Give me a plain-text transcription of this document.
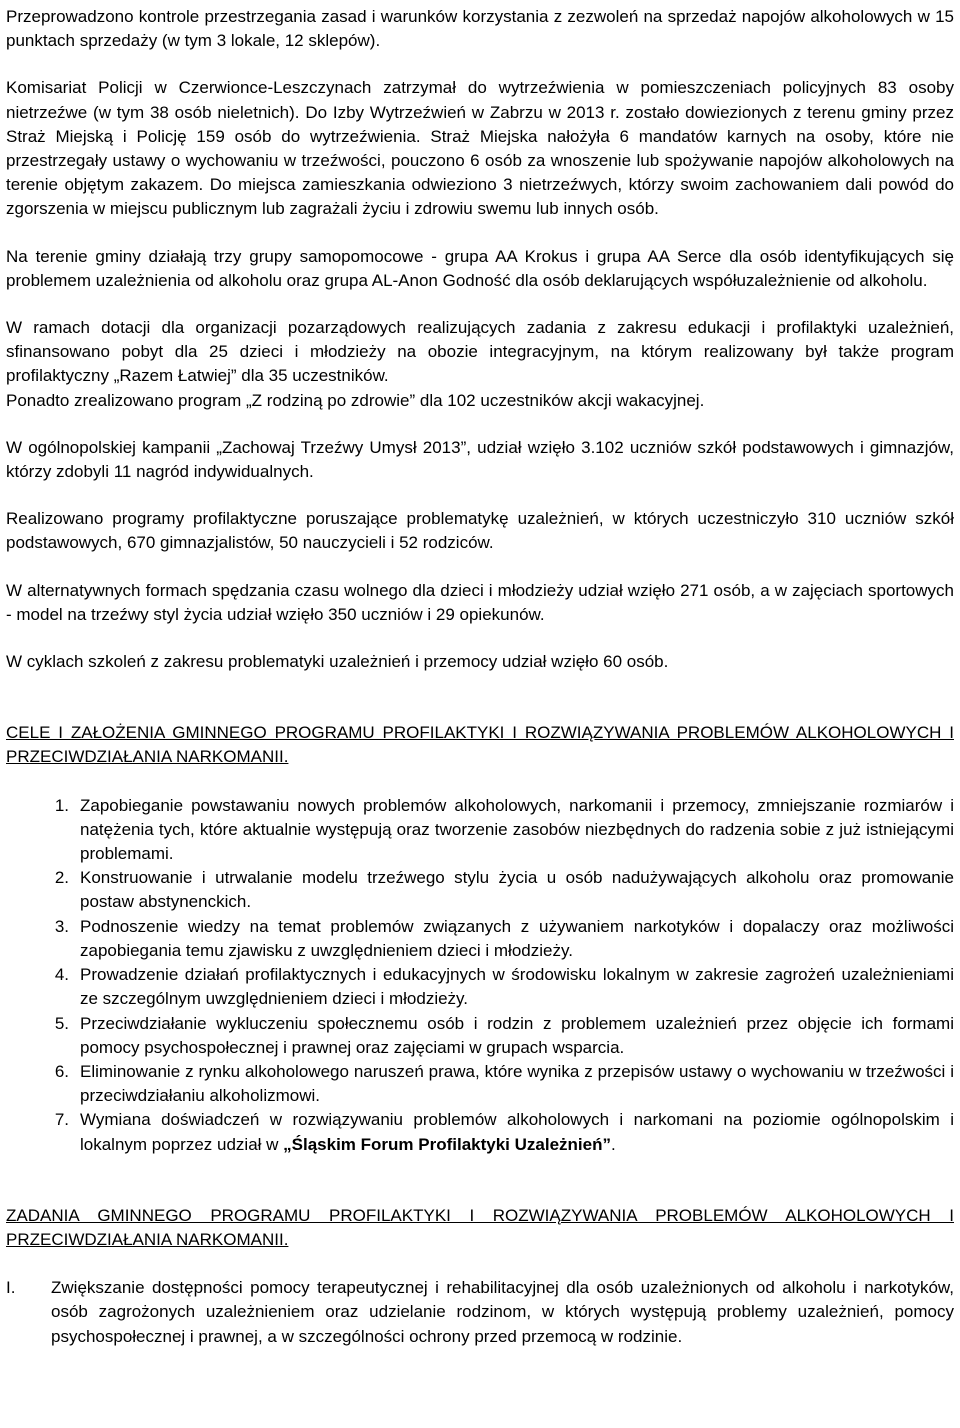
Przeprowadzono kontrole przestrzegania zasad i warunków korzystania z zezwoleń na sprzedaż napojów alkoholowych w 15 punktach sprzedaży (w tym 3 lokale, 12 sklepów).

Komisariat Policji w Czerwionce-Leszczynach zatrzymał do wytrzeźwienia w pomieszczeniach policyjnych 83 osoby nietrzeźwe (w tym 38 osób nieletnich). Do Izby Wytrzeźwień w Zabrzu w 2013 r. zostało dowiezionych z terenu gminy przez Straż Miejską i Policję 159 osób do wytrzeźwienia. Straż Miejska nałożyła 6 mandatów karnych na osoby, które nie przestrzegały ustawy o wychowaniu w trzeźwości, pouczono 6 osób za wnoszenie lub spożywanie napojów alkoholowych na terenie objętym zakazem. Do miejsca zamieszkania odwieziono 3 nietrzeźwych, którzy swoim zachowaniem dali powód do zgorszenia w miejscu publicznym lub zagrażali życiu i zdrowiu swemu lub innych osób.

Na terenie gminy działają trzy grupy samopomocowe - grupa AA Krokus i grupa AA Serce dla osób identyfikujących się problemem uzależnienia od alkoholu oraz grupa AL-Anon Godność dla osób deklarujących współuzależnienie od alkoholu.

W ramach dotacji dla organizacji pozarządowych realizujących zadania z zakresu edukacji i profilaktyki uzależnień, sfinansowano pobyt dla 25 dzieci i młodzieży na obozie integracyjnym, na którym realizowany był także program profilaktyczny „Razem Łatwiej” dla 35 uczestników.

Ponadto zrealizowano program „Z rodziną po zdrowie” dla 102 uczestników akcji wakacyjnej.

W ogólnopolskiej kampanii „Zachowaj Trzeźwy Umysł 2013”, udział wzięło 3.102 uczniów szkół podstawowych i gimnazjów, którzy zdobyli 11 nagród indywidualnych.

Realizowano programy profilaktyczne poruszające problematykę uzależnień, w których uczestniczyło 310 uczniów szkół podstawowych, 670 gimnazjalistów, 50 nauczycieli i 52 rodziców.

W alternatywnych formach spędzania czasu wolnego dla dzieci i młodzieży udział wzięło 271 osób, a w zajęciach sportowych - model na trzeźwy styl życia udział wzięło 350 uczniów i 29 opiekunów.

W cyklach szkoleń z zakresu problematyki uzależnień i przemocy udział wzięło 60 osób.

CELE I ZAŁOŻENIA GMINNEGO PROGRAMU PROFILAKTYKI I ROZWIĄZYWANIA PROBLEMÓW ALKOHOLOWYCH I PRZECIWDZIAŁANIA NARKOMANII.

1. Zapobieganie powstawaniu nowych problemów alkoholowych, narkomanii i przemocy, zmniejszanie rozmiarów i natężenia tych, które aktualnie występują oraz tworzenie zasobów niezbędnych do radzenia sobie z już istniejącymi problemami.
2. Konstruowanie i utrwalanie modelu trzeźwego stylu życia u osób nadużywających alkoholu oraz promowanie postaw abstynenckich.
3. Podnoszenie wiedzy na temat problemów związanych z używaniem narkotyków i dopalaczy oraz możliwości zapobiegania temu zjawisku z uwzględnieniem dzieci i młodzieży.
4. Prowadzenie działań profilaktycznych i edukacyjnych w środowisku lokalnym w zakresie zagrożeń uzależnieniami ze szczególnym uwzględnieniem dzieci i młodzieży.
5. Przeciwdziałanie wykluczeniu społecznemu osób i rodzin z problemem uzależnień przez objęcie ich formami pomocy psychospołecznej i prawnej oraz zajęciami w grupach wsparcia.
6. Eliminowanie z rynku alkoholowego naruszeń prawa, które wynika z przepisów ustawy o wychowaniu w trzeźwości i przeciwdziałaniu alkoholizmowi.
7. Wymiana doświadczeń w rozwiązywaniu problemów alkoholowych i narkomani na poziomie ogólnopolskim i lokalnym poprzez udział w „Śląskim Forum Profilaktyki Uzależnień”.

ZADANIA GMINNEGO PROGRAMU PROFILAKTYKI I ROZWIĄZYWANIA PROBLEMÓW ALKOHOLOWYCH I PRZECIWDZIAŁANIA NARKOMANII.

I. Zwiększanie dostępności pomocy terapeutycznej i rehabilitacyjnej dla osób uzależnionych od alkoholu i narkotyków, osób zagrożonych uzależnieniem oraz udzielanie rodzinom, w których występują problemy uzależnień, pomocy psychospołecznej i prawnej, a w szczególności ochrony przed przemocą w rodzinie.
